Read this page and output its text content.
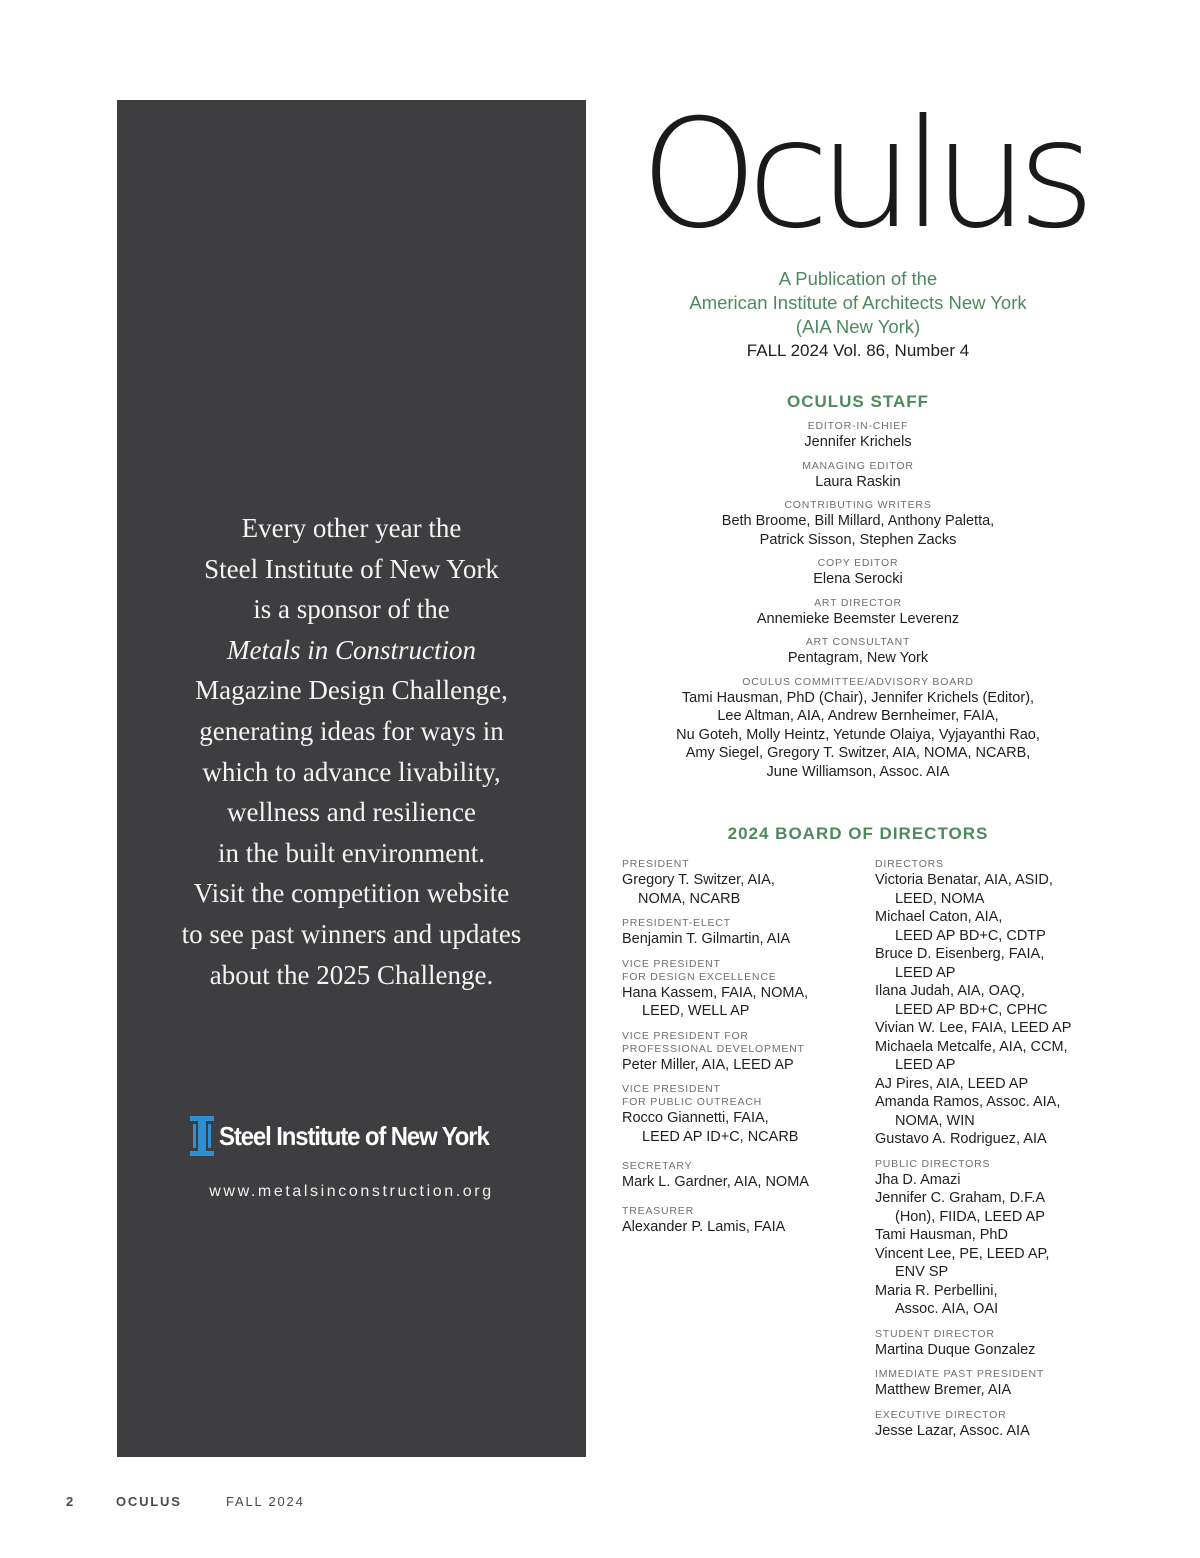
Every other year the
Steel Institute of New York
is a sponsor of the
Metals in Construction
Magazine Design Challenge,
generating ideas for ways in
which to advance livability,
wellness and resilience
in the built environment.
Visit the competition website
to see past winners and updates
about the 2025 Challenge.
Steel Institute of New York
www.metalsinconstruction.org
Oculus
A Publication of the
American Institute of Architects New York
(AIA New York)
FALL 2024 Vol. 86, Number 4
OCULUS STAFF
EDITOR-IN-CHIEF
Jennifer Krichels
MANAGING EDITOR
Laura Raskin
CONTRIBUTING WRITERS
Beth Broome, Bill Millard, Anthony Paletta,
Patrick Sisson, Stephen Zacks
COPY EDITOR
Elena Serocki
ART DIRECTOR
Annemieke Beemster Leverenz
ART CONSULTANT
Pentagram, New York
OCULUS COMMITTEE/ADVISORY BOARD
Tami Hausman, PhD (Chair), Jennifer Krichels (Editor),
Lee Altman, AIA, Andrew Bernheimer, FAIA,
Nu Goteh, Molly Heintz, Yetunde Olaiya, Vyjayanthi Rao,
Amy Siegel, Gregory T. Switzer, AIA, NOMA, NCARB,
June Williamson, Assoc. AIA
2024 BOARD OF DIRECTORS
PRESIDENT
Gregory T. Switzer, AIA,
NOMA, NCARB
PRESIDENT-ELECT
Benjamin T. Gilmartin, AIA
VICE PRESIDENT
FOR DESIGN EXCELLENCE
Hana Kassem, FAIA, NOMA,
LEED, WELL AP
VICE PRESIDENT FOR
PROFESSIONAL DEVELOPMENT
Peter Miller, AIA, LEED AP
VICE PRESIDENT
FOR PUBLIC OUTREACH
Rocco Giannetti, FAIA,
LEED AP ID+C, NCARB
SECRETARY
Mark L. Gardner, AIA, NOMA
TREASURER
Alexander P. Lamis, FAIA
DIRECTORS
Victoria Benatar, AIA, ASID,
LEED, NOMA
Michael Caton, AIA,
LEED AP BD+C, CDTP
Bruce D. Eisenberg, FAIA,
LEED AP
Ilana Judah, AIA, OAQ,
LEED AP BD+C, CPHC
Vivian W. Lee, FAIA, LEED AP
Michaela Metcalfe, AIA, CCM,
LEED AP
AJ Pires, AIA, LEED AP
Amanda Ramos, Assoc. AIA,
NOMA, WIN
Gustavo A. Rodriguez, AIA
PUBLIC DIRECTORS
Jha D. Amazi
Jennifer C. Graham, D.F.A
(Hon), FIIDA, LEED AP
Tami Hausman, PhD
Vincent Lee, PE, LEED AP,
ENV SP
Maria R. Perbellini,
Assoc. AIA, OAI
STUDENT DIRECTOR
Martina Duque Gonzalez
IMMEDIATE PAST PRESIDENT
Matthew Bremer, AIA
EXECUTIVE DIRECTOR
Jesse Lazar, Assoc. AIA
2	OCULUS	FALL 2024
